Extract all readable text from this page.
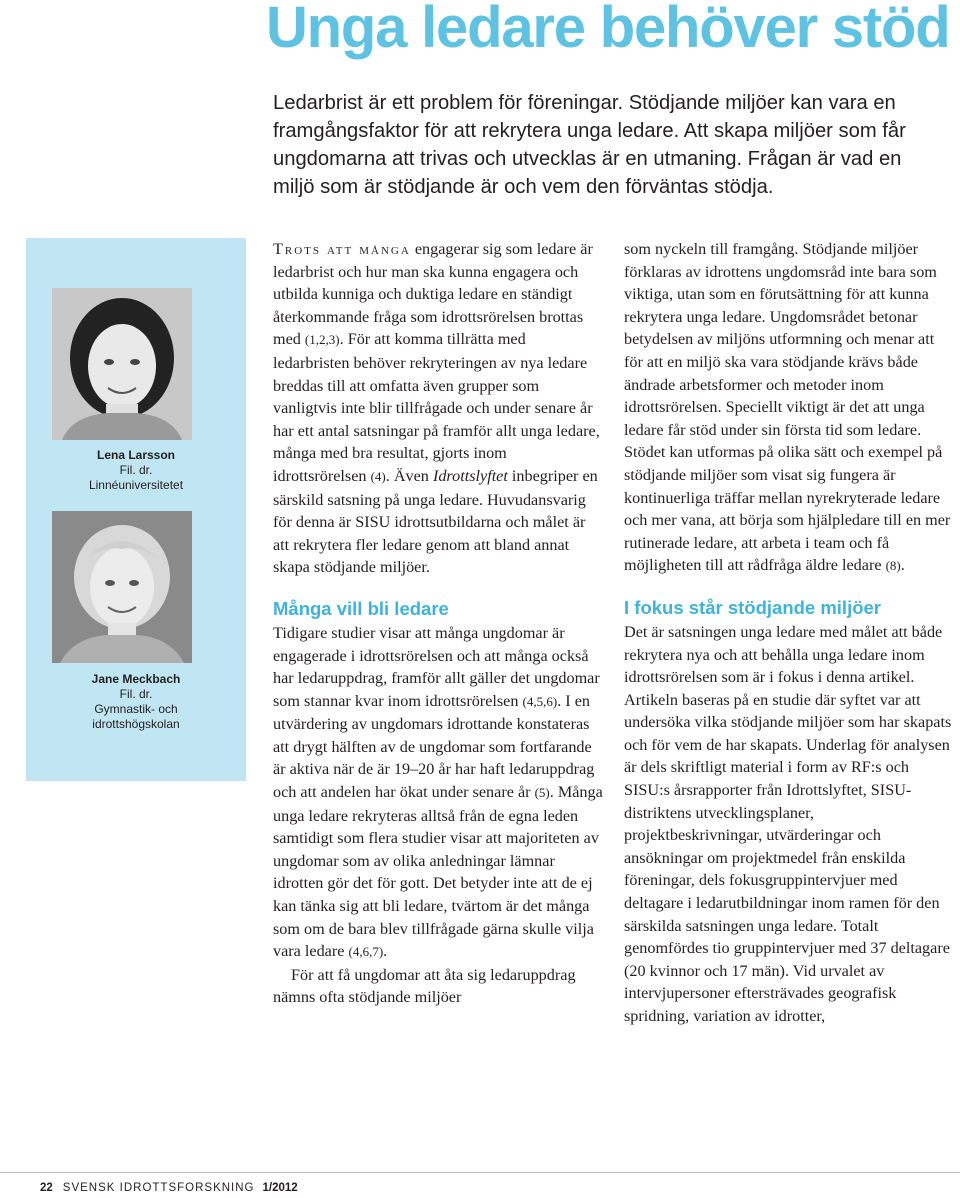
Unga ledare behöver stöd

Ledarbrist är ett problem för föreningar. Stödjande miljöer kan vara en framgångsfaktor för att rekrytera unga ledare. Att skapa miljöer som får ungdomarna att trivas och utvecklas är en utmaning. Frågan är vad en miljö som är stödjande är och vem den förväntas stödja.

Lena Larsson
Fil. dr.
Linnéuniversitetet
Jane Meckbach
Fil. dr.
Gymnastik- och
idrottshögskolan

Trots att många engagerar sig som ledare är ledarbrist och hur man ska kunna engagera och utbilda kunniga och duktiga ledare en ständigt återkommande fråga som idrottsrörelsen brottas med (1,2,3). För att komma tillrätta med ledarbristen behöver rekryteringen av nya ledare breddas till att omfatta även grupper som vanligtvis inte blir tillfrågade och under senare år har ett antal satsningar på framför allt unga ledare, många med bra resultat, gjorts inom idrottsrörelsen (4). Även Idrottslyftet inbegriper en särskild satsning på unga ledare. Huvudansvarig för denna är SISU idrottsutbildarna och målet är att rekrytera fler ledare genom att bland annat skapa stödjande miljöer.

Många vill bli ledare

Tidigare studier visar att många ungdomar är engagerade i idrottsrörelsen och att många också har ledaruppdrag, framför allt gäller det ungdomar som stannar kvar inom idrottsrörelsen (4,5,6). I en utvärdering av ungdomars idrottande konstateras att drygt hälften av de ungdomar som fortfarande är aktiva när de är 19–20 år har haft ledaruppdrag och att andelen har ökat under senare år (5). Många unga ledare rekryteras alltså från de egna leden samtidigt som flera studier visar att majoriteten av ungdomar som av olika anledningar lämnar idrotten gör det för gott. Det betyder inte att de ej kan tänka sig att bli ledare, tvärtom är det många som om de bara blev tillfrågade gärna skulle vilja vara ledare (4,6,7).

För att få ungdomar att åta sig ledaruppdrag nämns ofta stödjande miljöer

som nyckeln till framgång. Stödjande miljöer förklaras av idrottens ungdomsråd inte bara som viktiga, utan som en förutsättning för att kunna rekrytera unga ledare. Ungdomsrådet betonar betydelsen av miljöns utformning och menar att för att en miljö ska vara stödjande krävs både ändrade arbetsformer och metoder inom idrottsrörelsen. Speciellt viktigt är det att unga ledare får stöd under sin första tid som ledare. Stödet kan utformas på olika sätt och exempel på stödjande miljöer som visat sig fungera är kontinuerliga träffar mellan nyrekryterade ledare och mer vana, att börja som hjälpledare till en mer rutinerade ledare, att arbeta i team och få möjligheten till att rådfråga äldre ledare (8).

I fokus står stödjande miljöer

Det är satsningen unga ledare med målet att både rekrytera nya och att behålla unga ledare inom idrottsrörelsen som är i fokus i denna artikel. Artikeln baseras på en studie där syftet var att undersöka vilka stödjande miljöer som har skapats och för vem de har skapats. Underlag för analysen är dels skriftligt material i form av RF:s och SISU:s årsrapporter från Idrottslyftet, SISU-distriktens utvecklingsplaner, projektbeskrivningar, utvärderingar och ansökningar om projektmedel från enskilda föreningar, dels fokusgruppintervjuer med deltagare i ledarutbildningar inom ramen för den särskilda satsningen unga ledare. Totalt genomfördes tio gruppintervjuer med 37 deltagare (20 kvinnor och 17 män). Vid urvalet av intervjupersoner eftersträvades geografisk spridning, variation av idrotter,

22 SVENSK IDROTTSFORSKNING 1/2012
